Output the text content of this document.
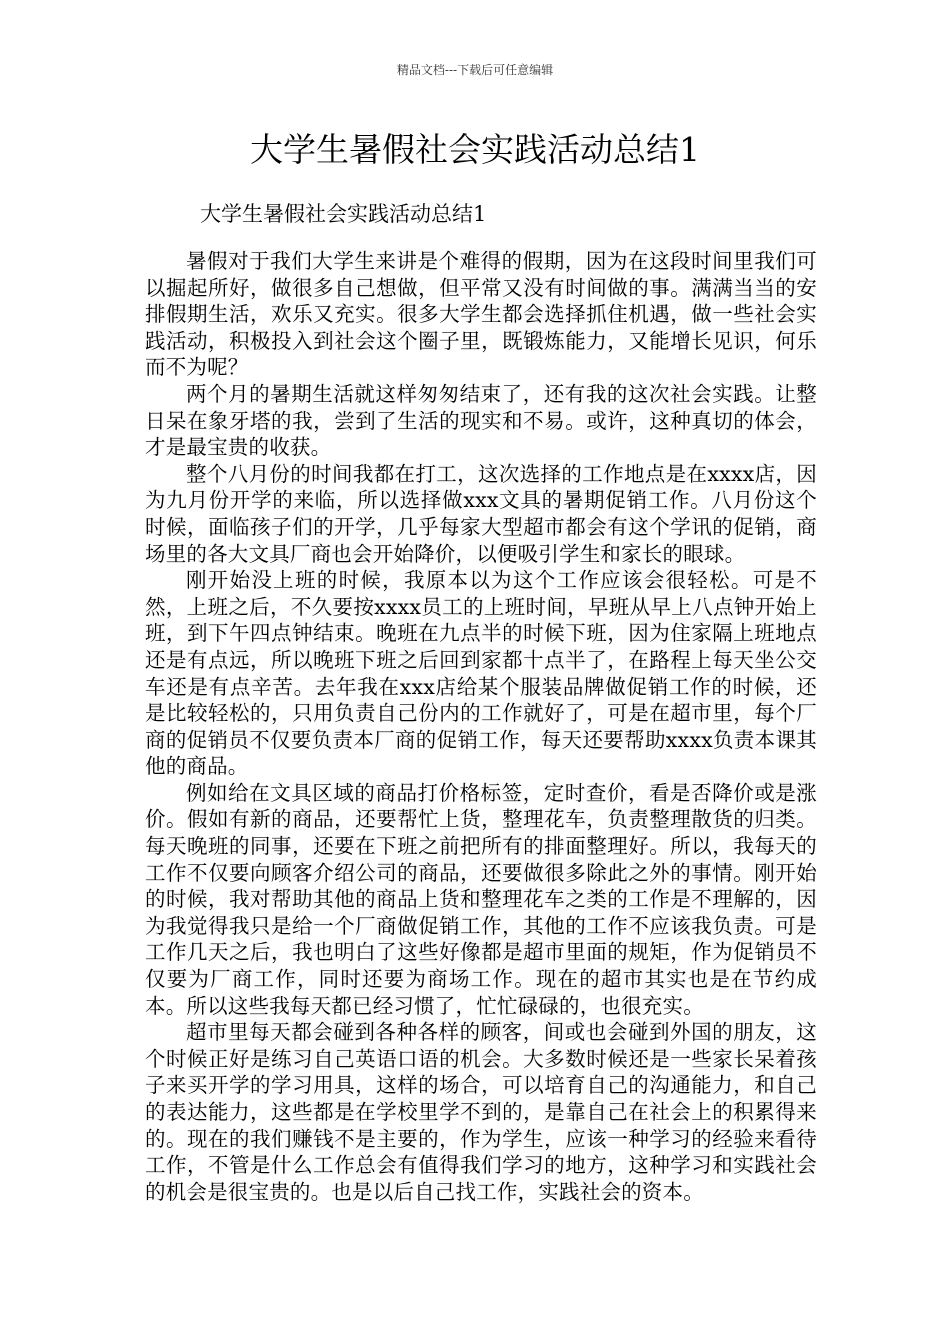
精品文档---下载后可任意编辑
大学生暑假社会实践活动总结1

大学生暑假社会实践活动总结1

暑假对于我们大学生来讲是个难得的假期，因为在这段时间里我们可以掘起所好，做很多自己想做，但平常又没有时间做的事。满满当当的安排假期生活，欢乐又充实。很多大学生都会选择抓住机遇，做一些社会实践活动，积极投入到社会这个圈子里，既锻炼能力，又能增长见识，何乐而不为呢？

两个月的暑期生活就这样匆匆结束了，还有我的这次社会实践。让整日呆在象牙塔的我，尝到了生活的现实和不易。或许，这种真切的体会，才是最宝贵的收获。

整个八月份的时间我都在打工，这次选择的工作地点是在xxxx店，因为九月份开学的来临，所以选择做xxx文具的暑期促销工作。八月份这个时候，面临孩子们的开学，几乎每家大型超市都会有这个学讯的促销，商场里的各大文具厂商也会开始降价，以便吸引学生和家长的眼球。

刚开始没上班的时候，我原本以为这个工作应该会很轻松。可是不然，上班之后，不久要按xxxx员工的上班时间，早班从早上八点钟开始上班，到下午四点钟结束。晚班在九点半的时候下班，因为住家隔上班地点还是有点远，所以晚班下班之后回到家都十点半了，在路程上每天坐公交车还是有点辛苦。去年我在xxx店给某个服装品牌做促销工作的时候，还是比较轻松的，只用负责自己份内的工作就好了，可是在超市里，每个厂商的促销员不仅要负责本厂商的促销工作，每天还要帮助xxxx负责本课其他的商品。

例如给在文具区域的商品打价格标签，定时查价，看是否降价或是涨价。假如有新的商品，还要帮忙上货，整理花车，负责整理散货的归类。每天晚班的同事，还要在下班之前把所有的排面整理好。所以，我每天的工作不仅要向顾客介绍公司的商品，还要做很多除此之外的事情。刚开始的时候，我对帮助其他的商品上货和整理花车之类的工作是不理解的，因为我觉得我只是给一个厂商做促销工作，其他的工作不应该我负责。可是工作几天之后，我也明白了这些好像都是超市里面的规矩，作为促销员不仅要为厂商工作，同时还要为商场工作。现在的超市其实也是在节约成本。所以这些我每天都已经习惯了，忙忙碌碌的，也很充实。

超市里每天都会碰到各种各样的顾客，间或也会碰到外国的朋友，这个时候正好是练习自己英语口语的机会。大多数时候还是一些家长呆着孩子来买开学的学习用具，这样的场合，可以培育自己的沟通能力，和自己的表达能力，这些都是在学校里学不到的，是靠自己在社会上的积累得来的。现在的我们赚钱不是主要的，作为学生，应该一种学习的经验来看待工作，不管是什么工作总会有值得我们学习的地方，这种学习和实践社会的机会是很宝贵的。也是以后自己找工作，实践社会的资本。
